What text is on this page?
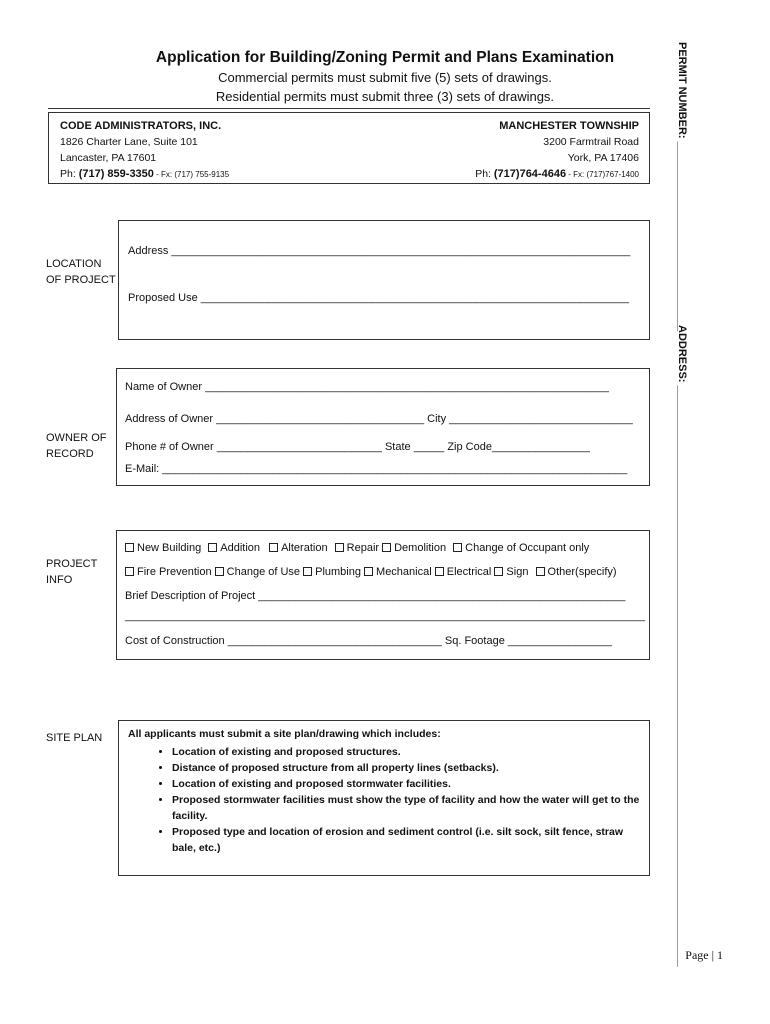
Application for Building/Zoning Permit and Plans Examination
Commercial permits must submit five (5) sets of drawings.
Residential permits must submit three (3) sets of drawings.
CODE ADMINISTRATORS, INC.
1826 Charter Lane, Suite 101
Lancaster, PA 17601
Ph: (717) 859-3350 - Fx: (717) 755-9135
MANCHESTER TOWNSHIP
3200 Farmtrail Road
York, PA 17406
Ph: (717)764-4646 - Fx: (717)767-1400	PERMIT NUMBER: _______________________________
ADDRESS: _______________________________________________________________________________________________
LOCATION
OF PROJECT
Address ___________________________________________________________________________
Proposed Use ______________________________________________________________________
OWNER OF
RECORD
Name of Owner __________________________________________________________________
Address of Owner __________________________________ City ______________________________
Phone # of Owner ___________________________ State _____ Zip Code________________
E-Mail: ____________________________________________________________________________
PROJECT
INFO
New Building Addition Alteration Repair Demolition Change of Occupant only
Fire Prevention Change of Use Plumbing Mechanical Electrical Sign Other(specify)
Brief Description of Project ____________________________________________________________
_____________________________________________________________________________________
Cost of Construction ___________________________________ Sq. Footage _________________
SITE PLAN All applicants must submit a site plan/drawing which includes:
• Location of existing and proposed structures.
• Distance of proposed structure from all property lines (setbacks).
• Location of existing and proposed stormwater facilities.
• Proposed stormwater facilities must show the type of facility and how the water will get to the facility.
• Proposed type and location of erosion and sediment control (i.e. silt sock, silt fence, straw bale, etc.)
Page | 1
